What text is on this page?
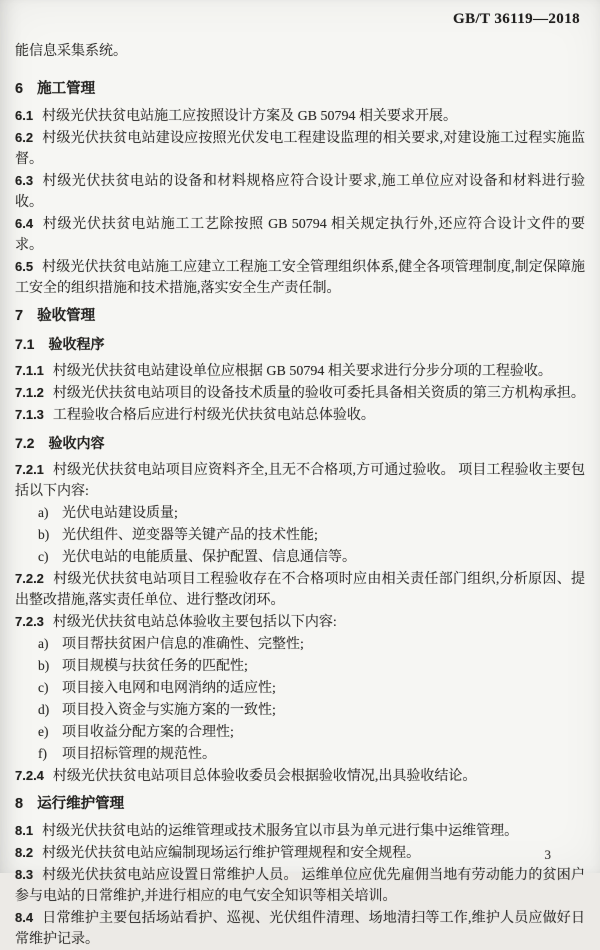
GB/T 36119—2018

能信息采集系统。

6 施工管理

6.1 村级光伏扶贫电站施工应按照设计方案及 GB 50794 相关要求开展。

6.2 村级光伏扶贫电站建设应按照光伏发电工程建设监理的相关要求,对建设施工过程实施监督。

6.3 村级光伏扶贫电站的设备和材料规格应符合设计要求,施工单位应对设备和材料进行验收。

6.4 村级光伏扶贫电站施工工艺除按照 GB 50794 相关规定执行外,还应符合设计文件的要求。

6.5 村级光伏扶贫电站施工应建立工程施工安全管理组织体系,健全各项管理制度,制定保障施工安全的组织措施和技术措施,落实安全生产责任制。

7 验收管理
7.1 验收程序

7.1.1 村级光伏扶贫电站建设单位应根据 GB 50794 相关要求进行分步分项的工程验收。

7.1.2 村级光伏扶贫电站项目的设备技术质量的验收可委托具备相关资质的第三方机构承担。

7.1.3 工程验收合格后应进行村级光伏扶贫电站总体验收。

7.2 验收内容

7.2.1 村级光伏扶贫电站项目应资料齐全,且无不合格项,方可通过验收。 项目工程验收主要包括以下内容:

a) 光伏电站建设质量;

b) 光伏组件、逆变器等关键产品的技术性能;

c) 光伏电站的电能质量、保护配置、信息通信等。

7.2.2 村级光伏扶贫电站项目工程验收存在不合格项时应由相关责任部门组织,分析原因、提出整改措施,落实责任单位、进行整改闭环。

7.2.3 村级光伏扶贫电站总体验收主要包括以下内容:

a) 项目帮扶贫困户信息的准确性、完整性;

b) 项目规模与扶贫任务的匹配性;

c) 项目接入电网和电网消纳的适应性;

d) 项目投入资金与实施方案的一致性;

e) 项目收益分配方案的合理性;

f) 项目招标管理的规范性。

7.2.4 村级光伏扶贫电站项目总体验收委员会根据验收情况,出具验收结论。

8 运行维护管理

8.1 村级光伏扶贫电站的运维管理或技术服务宜以市县为单元进行集中运维管理。

8.2 村级光伏扶贫电站应编制现场运行维护管理规程和安全规程。

8.3 村级光伏扶贫电站应设置日常维护人员。 运维单位应优先雇佣当地有劳动能力的贫困户参与电站的日常维护,并进行相应的电气安全知识等相关培训。

8.4 日常维护主要包括场站看护、巡视、光伏组件清理、场地清扫等工作,维护人员应做好日常维护记录。

3
